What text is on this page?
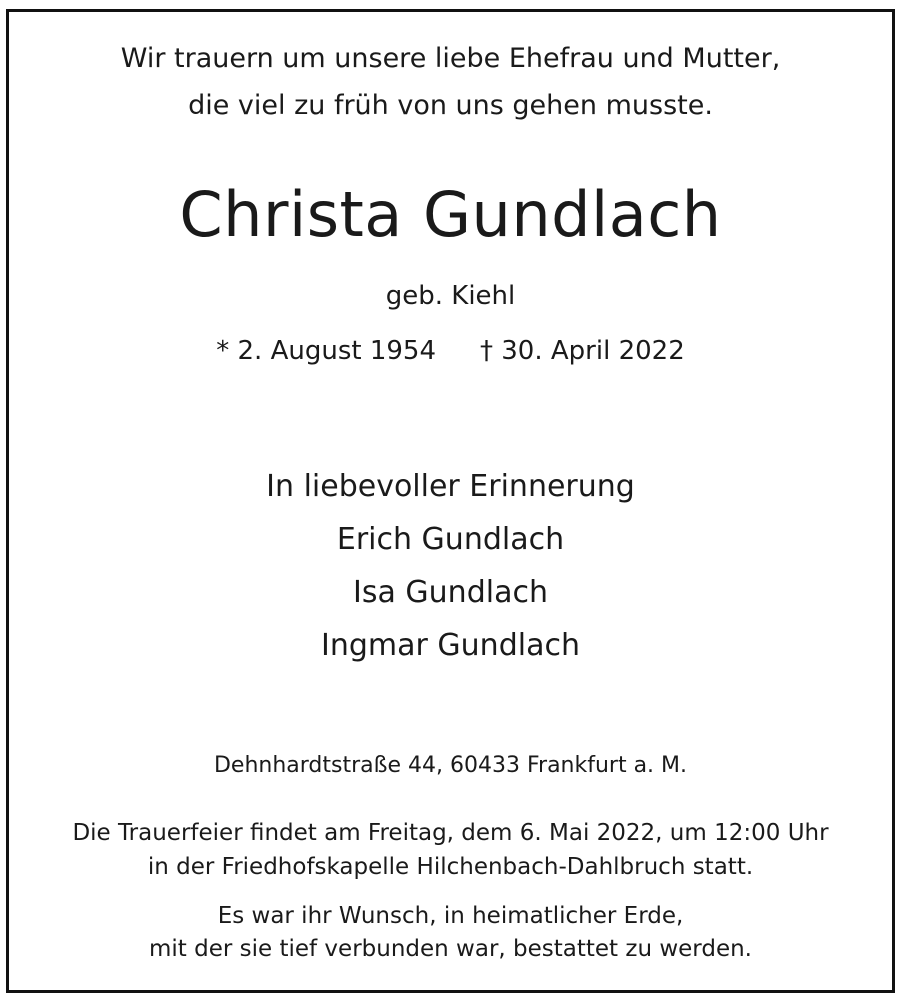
Wir trauern um unsere liebe Ehefrau und Mutter,
die viel zu früh von uns gehen musste.
Christa Gundlach
geb. Kiehl
* 2. August 1954 † 30. April 2022
In liebevoller Erinnerung
Erich Gundlach
Isa Gundlach
Ingmar Gundlach
Dehnhardtstraße 44, 60433 Frankfurt a. M.
Die Trauerfeier findet am Freitag, dem 6. Mai 2022, um 12:00 Uhr
in der Friedhofskapelle Hilchenbach-Dahlbruch statt.
Es war ihr Wunsch, in heimatlicher Erde,
mit der sie tief verbunden war, bestattet zu werden.
